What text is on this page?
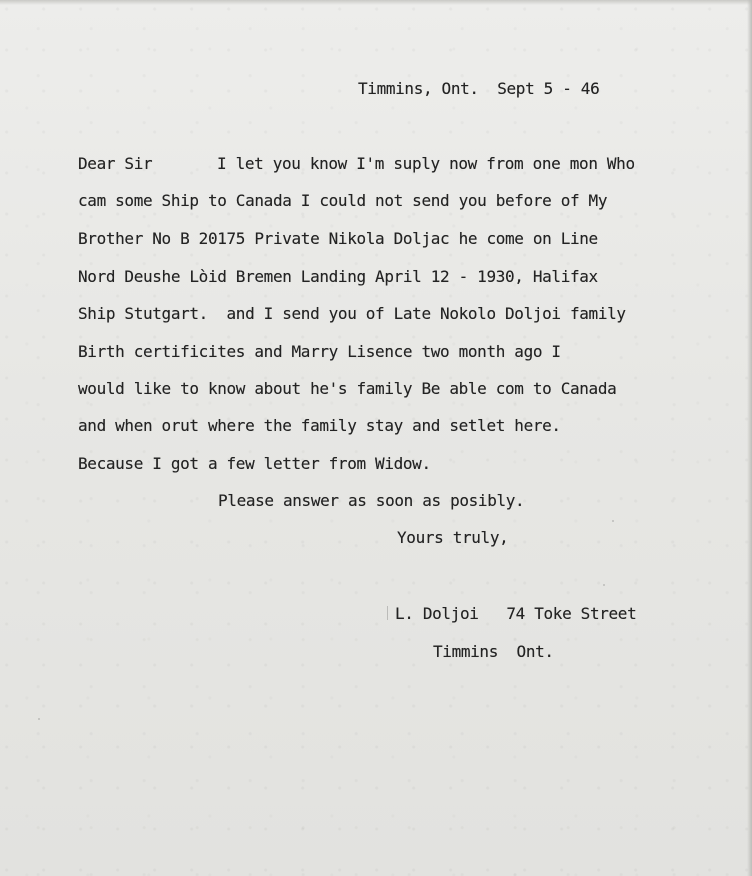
Timmins, Ont.  Sept 5 - 46
Dear Sir	I let you know I'm suply now from one mon Who
cam some Ship to Canada I could not send you before of My
Brother No B 20175 Private Nikola Doljac he come on Line
Nord Deushe Lòid Bremen Landing April 12 - 1930, Halifax
Ship Stutgart.  and I send you of Late Nokolo Doljoi family
Birth certificites and Marry Lisence two month ago I
would like to know about he's family Be able com to Canada
and when orut where the family stay and setlet here.
Because I got a few letter from Widow.
Please answer as soon as posibly.
Yours truly,
L. Doljoi   74 Toke Street
Timmins  Ont.
